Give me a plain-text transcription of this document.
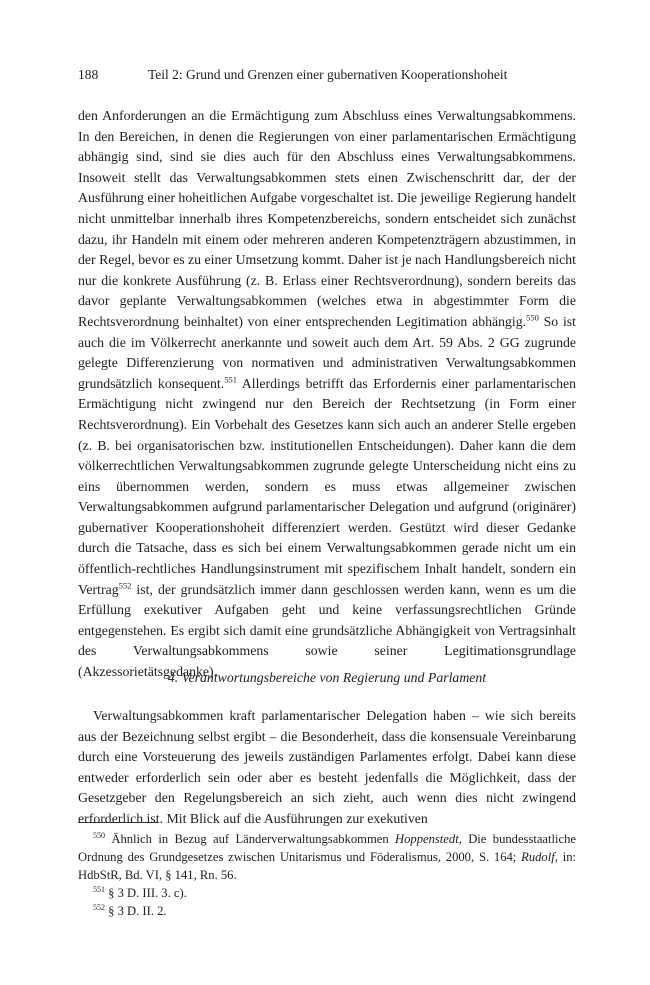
188	Teil 2: Grund und Grenzen einer gubernativen Kooperationshoheit

den Anforderungen an die Ermächtigung zum Abschluss eines Verwaltungsabkommens. In den Bereichen, in denen die Regierungen von einer parlamentarischen Ermächtigung abhängig sind, sind sie dies auch für den Abschluss eines Verwaltungsabkommens. Insoweit stellt das Verwaltungsabkommen stets einen Zwischenschritt dar, der der Ausführung einer hoheitlichen Aufgabe vorgeschaltet ist. Die jeweilige Regierung handelt nicht unmittelbar innerhalb ihres Kompetenzbereichs, sondern entscheidet sich zunächst dazu, ihr Handeln mit einem oder mehreren anderen Kompetenzträgern abzustimmen, in der Regel, bevor es zu einer Umsetzung kommt. Daher ist je nach Handlungsbereich nicht nur die konkrete Ausführung (z. B. Erlass einer Rechtsverordnung), sondern bereits das davor geplante Verwaltungsabkommen (welches etwa in abgestimmter Form die Rechtsverordnung beinhaltet) von einer entsprechenden Legitimation abhängig.$^{550}$ So ist auch die im Völkerrecht anerkannte und soweit auch dem Art. 59 Abs. 2 GG zugrunde gelegte Differenzierung von normativen und administrativen Verwaltungsabkommen grundsätzlich konsequent.$^{551}$ Allerdings betrifft das Erfordernis einer parlamentarischen Ermächtigung nicht zwingend nur den Bereich der Rechtsetzung (in Form einer Rechtsverordnung). Ein Vorbehalt des Gesetzes kann sich auch an anderer Stelle ergeben (z. B. bei organisatorischen bzw. institutionellen Entscheidungen). Daher kann die dem völkerrechtlichen Verwaltungsabkommen zugrunde gelegte Unterscheidung nicht eins zu eins übernommen werden, sondern es muss etwas allgemeiner zwischen Verwaltungsabkommen aufgrund parlamentarischer Delegation und aufgrund (originärer) gubernativer Kooperationshoheit differenziert werden. Gestützt wird dieser Gedanke durch die Tatsache, dass es sich bei einem Verwaltungsabkommen gerade nicht um ein öffentlich-rechtliches Handlungsinstrument mit spezifischem Inhalt handelt, sondern ein Vertrag$^{552}$ ist, der grundsätzlich immer dann geschlossen werden kann, wenn es um die Erfüllung exekutiver Aufgaben geht und keine verfassungsrechtlichen Gründe entgegenstehen. Es ergibt sich damit eine grundsätzliche Abhängigkeit von Vertragsinhalt des Verwaltungsabkommens sowie seiner Legitimationsgrundlage (Akzessorietätsgedanke).

4. Verantwortungsbereiche von Regierung und Parlament

Verwaltungsabkommen kraft parlamentarischer Delegation haben – wie sich bereits aus der Bezeichnung selbst ergibt – die Besonderheit, dass die konsensuale Vereinbarung durch eine Vorsteuerung des jeweils zuständigen Parlamentes erfolgt. Dabei kann diese entweder erforderlich sein oder aber es besteht jedenfalls die Möglichkeit, dass der Gesetzgeber den Regelungsbereich an sich zieht, auch wenn dies nicht zwingend erforderlich ist. Mit Blick auf die Ausführungen zur exekutiven

$^{550}$ Ähnlich in Bezug auf Länderverwaltungsabkommen Hoppenstedt, Die bundesstaatliche Ordnung des Grundgesetzes zwischen Unitarismus und Föderalismus, 2000, S. 164; Rudolf, in: HdbStR, Bd. VI, § 141, Rn. 56.

$^{551}$ § 3 D. III. 3. c).

$^{552}$ § 3 D. II. 2.
